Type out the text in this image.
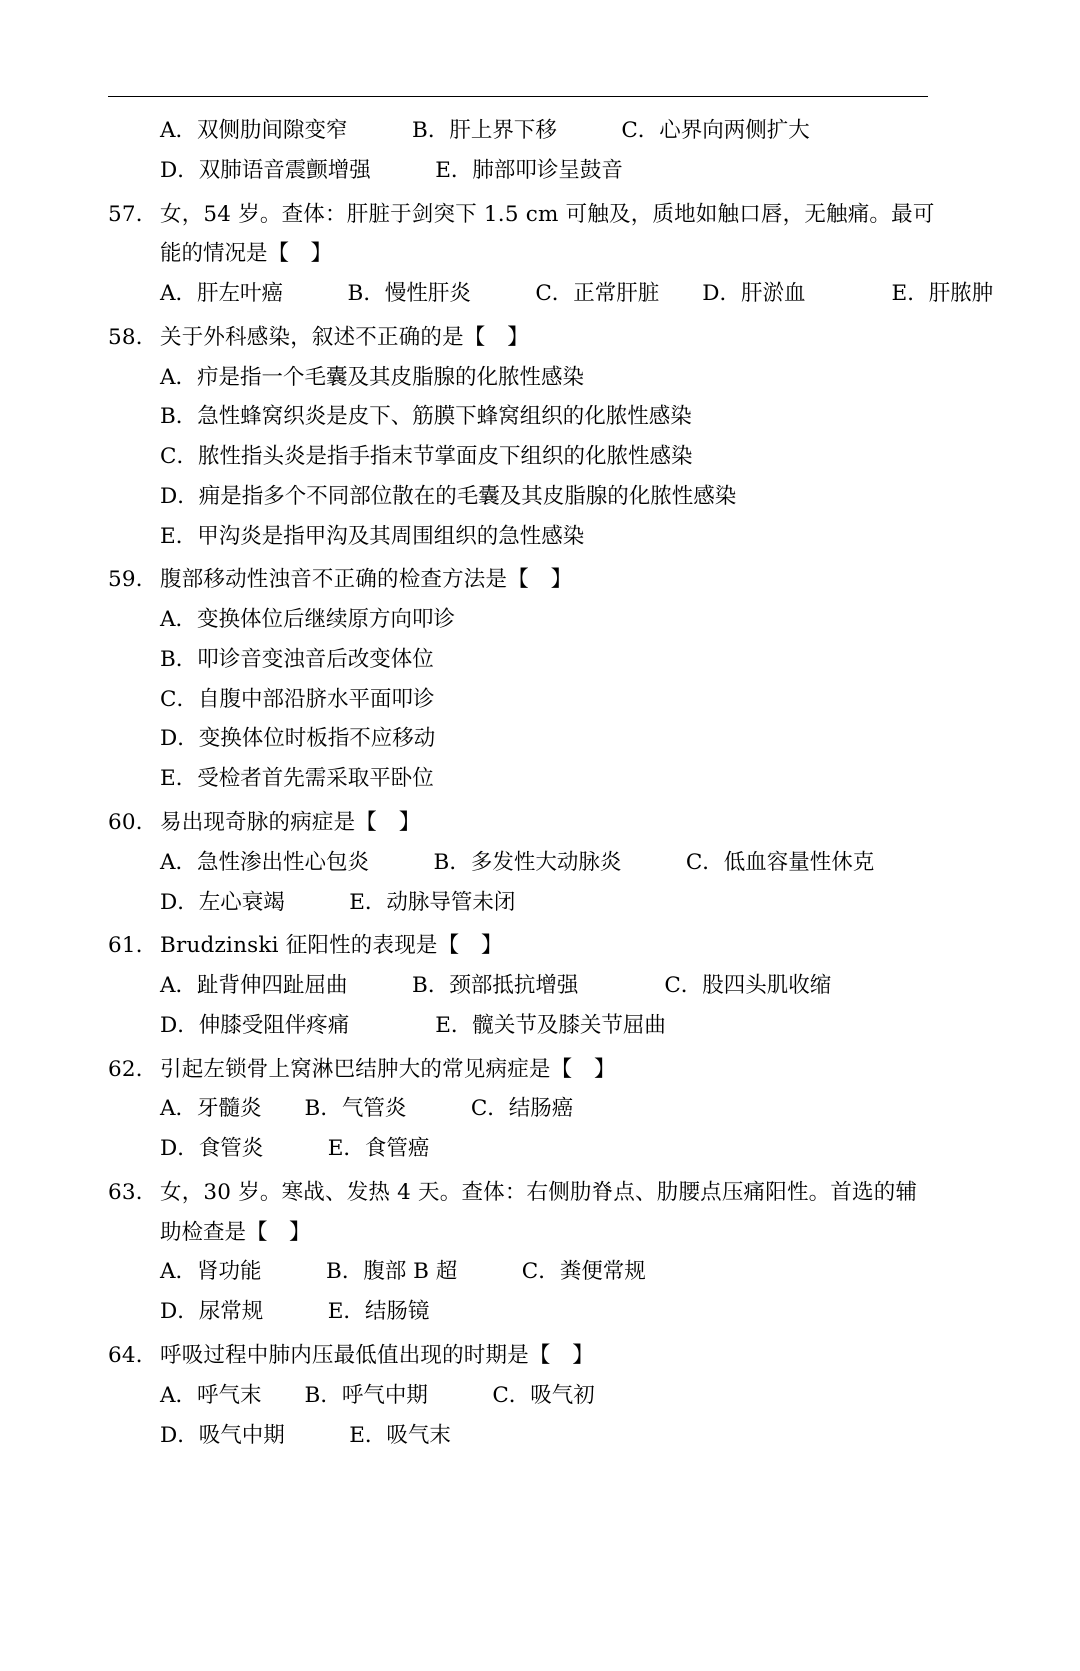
A．双侧肋间隙变窄　　　B．肝上界下移　　　C．心界向两侧扩大
D．双肺语音震颤增强　　　E．肺部叩诊呈鼓音
57． 女，54 岁。查体：肝脏于剑突下 1.5 cm 可触及，质地如触口唇，无触痛。最可
能的情况是【　】
A．肝左叶癌　　　B．慢性肝炎　　　C．正常肝脏　　D．肝淤血　　　　E．肝脓肿
58． 关于外科感染，叙述不正确的是【　】
A．疖是指一个毛囊及其皮脂腺的化脓性感染
B．急性蜂窝织炎是皮下、筋膜下蜂窝组织的化脓性感染
C．脓性指头炎是指手指末节掌面皮下组织的化脓性感染
D．痈是指多个不同部位散在的毛囊及其皮脂腺的化脓性感染
E．甲沟炎是指甲沟及其周围组织的急性感染
59． 腹部移动性浊音不正确的检查方法是【　】
A．变换体位后继续原方向叩诊
B．叩诊音变浊音后改变体位
C．自腹中部沿脐水平面叩诊
D．变换体位时板指不应移动
E．受检者首先需采取平卧位
60． 易出现奇脉的病症是【　】
A．急性渗出性心包炎　　　B．多发性大动脉炎　　　C．低血容量性休克
D．左心衰竭　　　E．动脉导管未闭
61． Brudzinski 征阳性的表现是【　】
A．趾背伸四趾屈曲　　　B．颈部抵抗增强　　　　C．股四头肌收缩
D．伸膝受阻伴疼痛　　　　E．髋关节及膝关节屈曲
62． 引起左锁骨上窝淋巴结肿大的常见病症是【　】
A．牙髓炎　　B．气管炎　　　C．结肠癌
D．食管炎　　　E．食管癌
63． 女，30 岁。寒战、发热 4 天。查体：右侧肋脊点、肋腰点压痛阳性。首选的辅
助检查是【　】
A．肾功能　　　B．腹部 B 超　　　C．粪便常规
D．尿常规　　　E．结肠镜
64． 呼吸过程中肺内压最低值出现的时期是【　】
A．呼气末　　B．呼气中期　　　C．吸气初
D．吸气中期　　　E．吸气末
